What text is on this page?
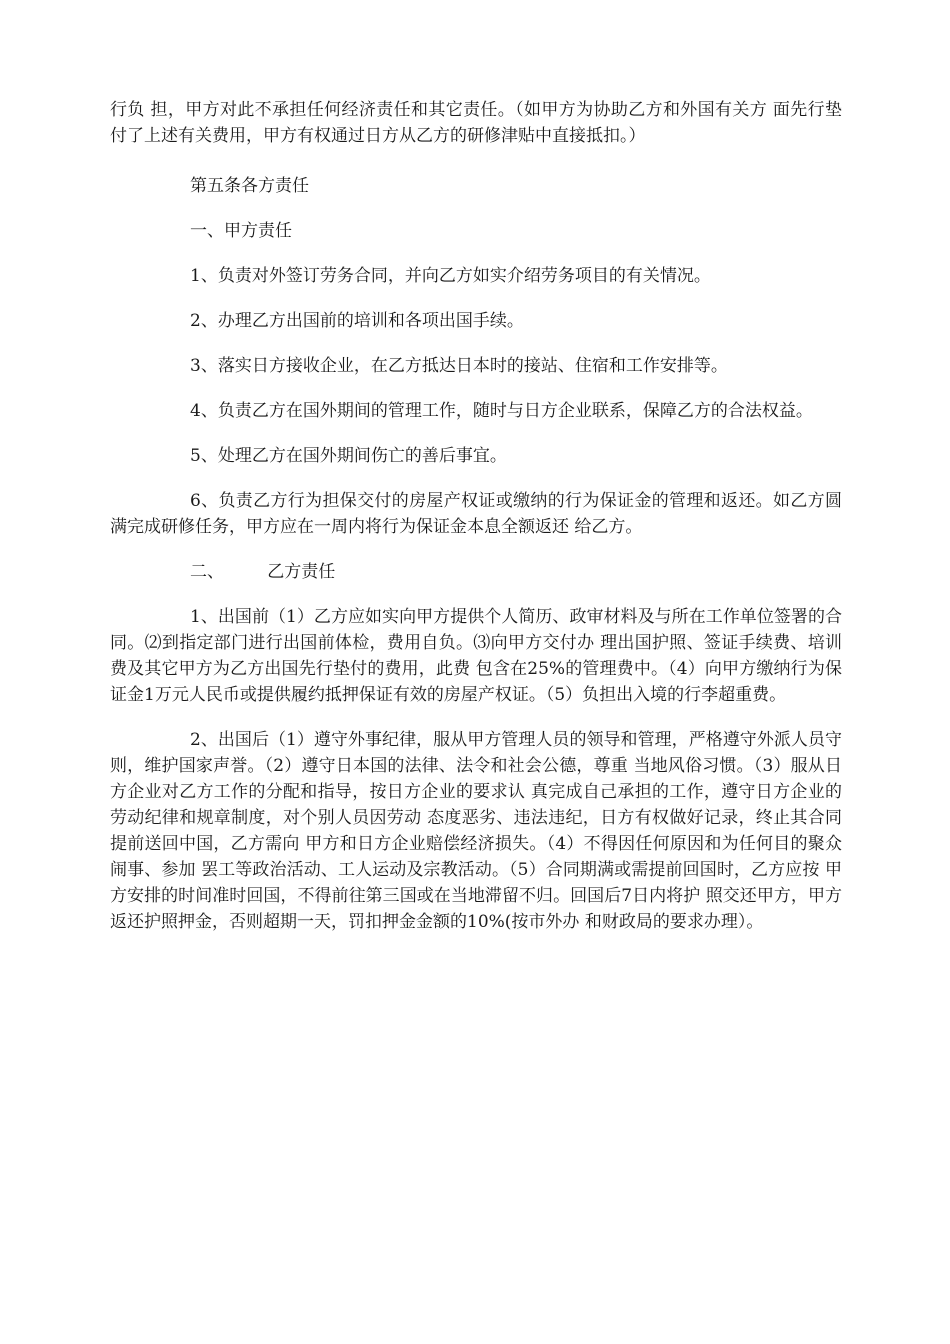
行负 担，甲方对此不承担任何经济责任和其它责任。（如甲方为协助乙方和外国有关方 面先行垫付了上述有关费用，甲方有权通过日方从乙方的研修津贴中直接抵扣。）

第五条各方责任

一、甲方责任

1、负责对外签订劳务合同，并向乙方如实介绍劳务项目的有关情况。

2、办理乙方出国前的培训和各项出国手续。

3、落实日方接收企业，在乙方抵达日本时的接站、住宿和工作安排等。

4、负责乙方在国外期间的管理工作，随时与日方企业联系，保障乙方的合法权益。

5、处理乙方在国外期间伤亡的善后事宜。

6、负责乙方行为担保交付的房屋产权证或缴纳的行为保证金的管理和返还。如乙方圆满完成研修任务，甲方应在一周内将行为保证金本息全额返还 给乙方。

二、        乙方责任

1、出国前（1）乙方应如实向甲方提供个人简历、政审材料及与所在工作单位签署的合同。⑵到指定部门进行出国前体检，费用自负。⑶向甲方交付办 理出国护照、签证手续费、培训费及其它甲方为乙方出国先行垫付的费用，此费 包含在25%的管理费中。（4）向甲方缴纳行为保证金1万元人民币或提供履约抵押保证有效的房屋产权证。（5）负担出入境的行李超重费。

2、出国后（1）遵守外事纪律，服从甲方管理人员的领导和管理，严格遵守外派人员守则，维护国家声誉。（2）遵守日本国的法律、法令和社会公德，尊重 当地风俗习惯。（3）服从日方企业对乙方工作的分配和指导，按日方企业的要求认 真完成自己承担的工作，遵守日方企业的劳动纪律和规章制度，对个别人员因劳动 态度恶劣、违法违纪，日方有权做好记录，终止其合同提前送回中国，乙方需向 甲方和日方企业赔偿经济损失。（4）不得因任何原因和为任何目的聚众闹事、参加 罢工等政治活动、工人运动及宗教活动。（5）合同期满或需提前回国时，乙方应按 甲方安排的时间准时回国，不得前往第三国或在当地滞留不归。回国后7日内将护 照交还甲方，甲方返还护照押金，否则超期一天，罚扣押金金额的10%(按市外办 和财政局的要求办理）。
